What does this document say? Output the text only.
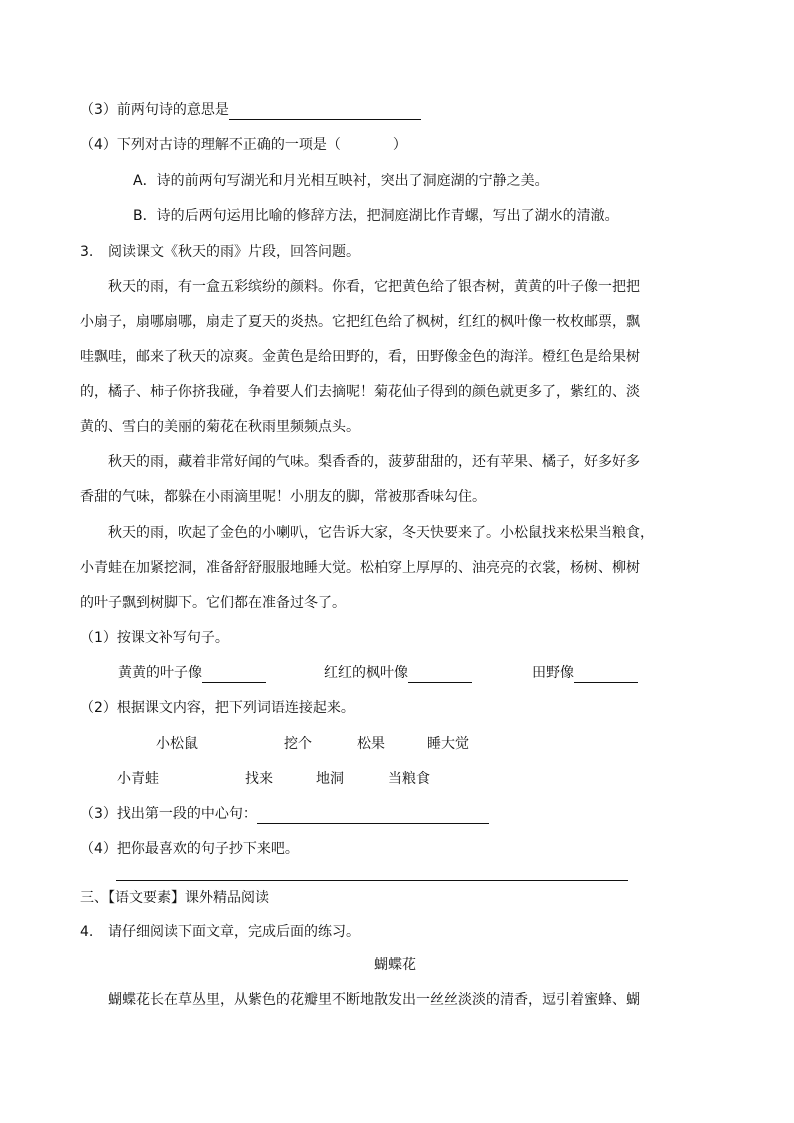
（3）前两句诗的意思是
（4）下列对古诗的理解不正确的一项是（	）
A．诗的前两句写湖光和月光相互映衬，突出了洞庭湖的宁静之美。
B．诗的后两句运用比喻的修辞方法，把洞庭湖比作青螺，写出了湖水的清澈。
3. 阅读课文《秋天的雨》片段，回答问题。
秋天的雨，有一盒五彩缤纷的颜料。你看，它把黄色给了银杏树，黄黄的叶子像一把把
小扇子，扇哪扇哪，扇走了夏天的炎热。它把红色给了枫树，红红的枫叶像一枚枚邮票，飘
哇飘哇，邮来了秋天的凉爽。金黄色是给田野的，看，田野像金色的海洋。橙红色是给果树
的，橘子、柿子你挤我碰，争着要人们去摘呢！菊花仙子得到的颜色就更多了，紫红的、淡
黄的、雪白的美丽的菊花在秋雨里频频点头。
秋天的雨，藏着非常好闻的气味。梨香香的，菠萝甜甜的，还有苹果、橘子，好多好多
香甜的气味，都躲在小雨滴里呢！小朋友的脚，常被那香味勾住。
秋天的雨，吹起了金色的小喇叭，它告诉大家，冬天快要来了。小松鼠找来松果当粮食，
小青蛙在加紧挖洞，准备舒舒服服地睡大觉。松柏穿上厚厚的、油亮亮的衣裳，杨树、柳树
的叶子飘到树脚下。它们都在准备过冬了。
（1）按课文补写句子。
黄黄的叶子像	红红的枫叶像	田野像
（2）根据课文内容，把下列词语连接起来。
小松鼠	挖个	松果	睡大觉
小青蛙	找来	地洞	当粮食
（3）找出第一段的中心句：
（4）把你最喜欢的句子抄下来吧。
三、【语文要素】课外精品阅读
4. 请仔细阅读下面文章，完成后面的练习。
蝴蝶花
蝴蝶花长在草丛里，从紫色的花瓣里不断地散发出一丝丝淡淡的清香，逗引着蜜蜂、蝴
